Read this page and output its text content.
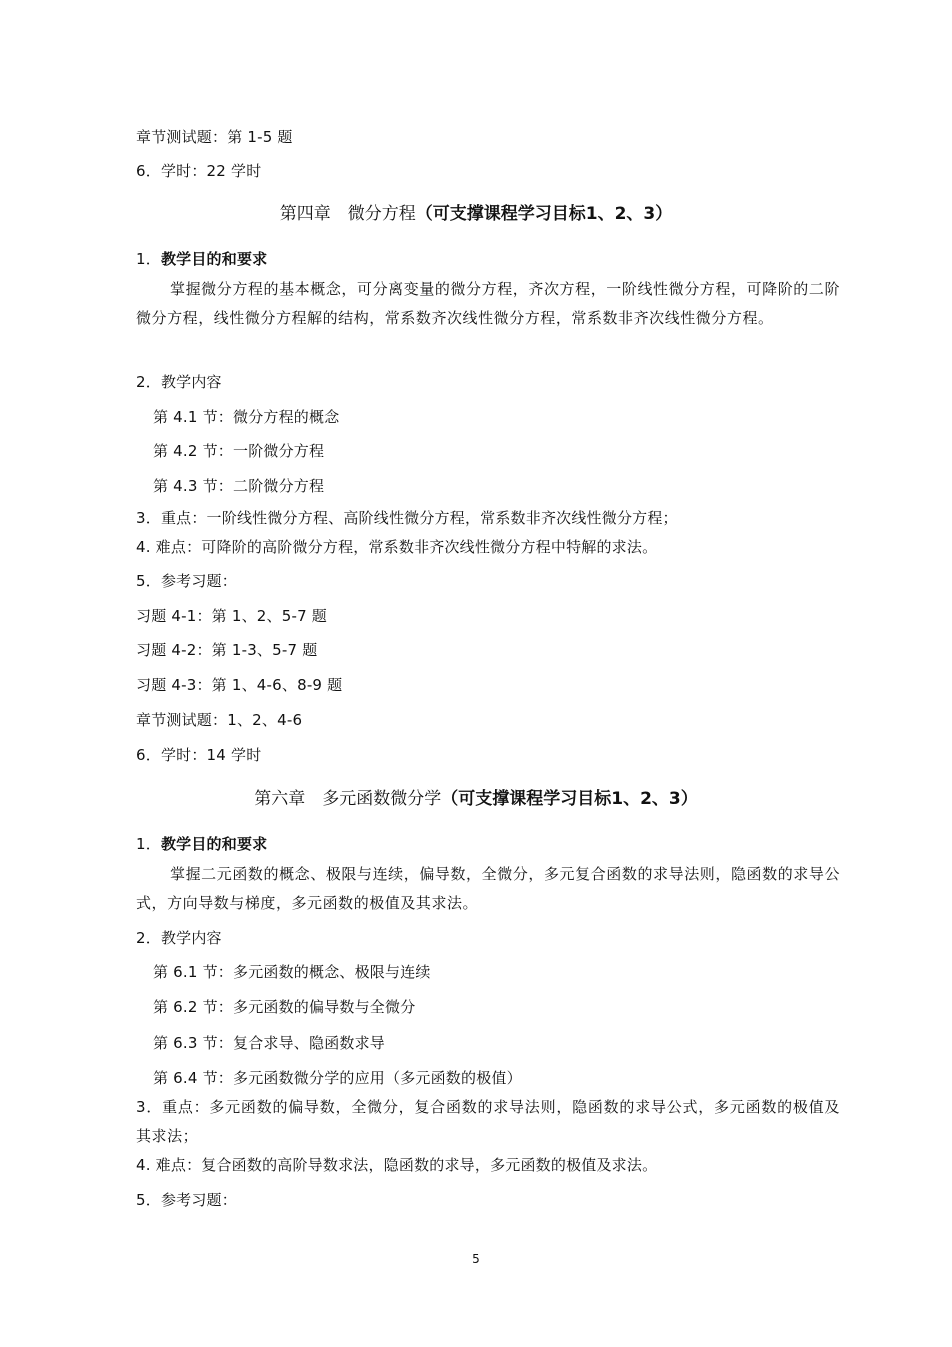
章节测试题：第 1-5 题
6．学时：22 学时
第四章　微分方程（可支撑课程学习目标1、2、3）
1．教学目的和要求
掌握微分方程的基本概念，可分离变量的微分方程，齐次方程，一阶线性微分方程，可降阶的二阶微分方程，线性微分方程解的结构，常系数齐次线性微分方程，常系数非齐次线性微分方程。
2．教学内容
第 4.1 节：微分方程的概念
第 4.2 节：一阶微分方程
第 4.3 节：二阶微分方程
3．重点：一阶线性微分方程、高阶线性微分方程，常系数非齐次线性微分方程；
4. 难点：可降阶的高阶微分方程，常系数非齐次线性微分方程中特解的求法。
5．参考习题：
习题 4-1：第 1、2、5-7 题
习题 4-2：第 1-3、5-7 题
习题 4-3：第 1、4-6、8-9 题
章节测试题：1、2、4-6
6．学时：14 学时
第六章　多元函数微分学（可支撑课程学习目标1、2、3）
1．教学目的和要求
掌握二元函数的概念、极限与连续，偏导数，全微分，多元复合函数的求导法则，隐函数的求导公式，方向导数与梯度，多元函数的极值及其求法。
2．教学内容
第 6.1 节：多元函数的概念、极限与连续
第 6.2 节：多元函数的偏导数与全微分
第 6.3 节：复合求导、隐函数求导
第 6.4 节：多元函数微分学的应用（多元函数的极值）
3．重点：多元函数的偏导数，全微分，复合函数的求导法则，隐函数的求导公式，多元函数的极值及其求法；
4. 难点：复合函数的高阶导数求法，隐函数的求导，多元函数的极值及求法。
5．参考习题：
5
